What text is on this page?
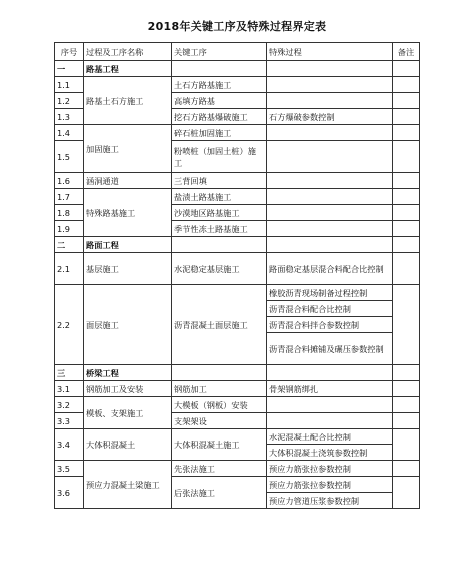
2018年关键工序及特殊过程界定表
序号	过程及工序名称	关键工序	特殊过程	备注
一	路基工程			
1.1	路基土石方施工	土石方路基施工		
1.2		高填方路基		
1.3		挖石方路基爆破施工	石方爆破参数控制	
1.4	加固施工	碎石桩加固施工		
1.5		粉喷桩（加固土桩）施工		
1.6	涵洞通道	三背回填		
1.7	特殊路基施工	盐渍土路基施工		
1.8		沙漠地区路基施工		
1.9		季节性冻土路基施工		
二	路面工程			
2.1	基层施工	水泥稳定基层施工	路面稳定基层混合料配合比控制	
2.2	面层施工	沥青混凝土面层施工	橡胶沥青现场制备过程控制	
			沥青混合料配合比控制	
			沥青混合料拌合参数控制	
			沥青混合料摊铺及碾压参数控制	
三	桥梁工程			
3.1	钢筋加工及安装	钢筋加工	骨架钢筋绑扎	
3.2	模板、支架施工	大模板（钢板）安装		
3.3		支架架设		
3.4	大体积混凝土	大体积混凝土施工	水泥混凝土配合比控制	
			大体积混凝土浇筑参数控制	
3.5	预应力混凝土梁施工	先张法施工	预应力筋张拉参数控制	
3.6		后张法施工	预应力筋张拉参数控制	
			预应力管道压浆参数控制	
